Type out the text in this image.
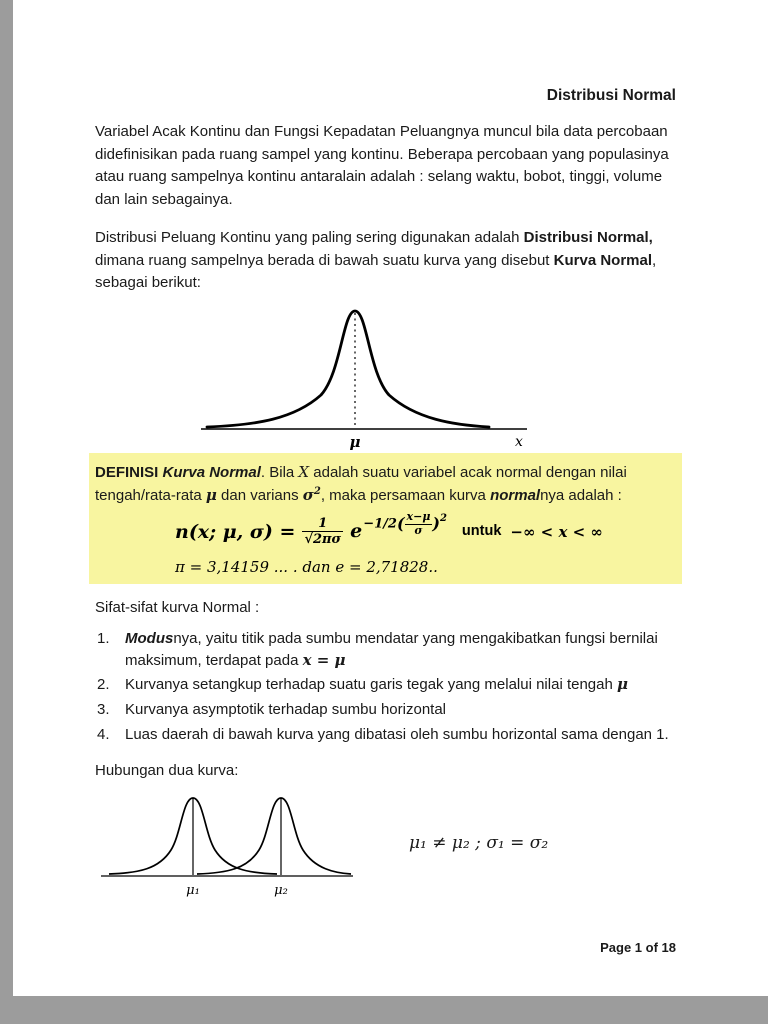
Distribusi Normal

Variabel Acak Kontinu dan Fungsi Kepadatan Peluangnya muncul bila data percobaan didefinisikan pada ruang sampel yang kontinu. Beberapa percobaan yang populasinya atau ruang sampelnya kontinu antaralain adalah : selang waktu, bobot, tinggi, volume dan lain sebagainya.

Distribusi Peluang Kontinu yang paling sering digunakan adalah Distribusi Normal, dimana ruang sampelnya berada di bawah suatu kurva yang disebut Kurva Normal, sebagai berikut:

μ	x
DEFINISI Kurva Normal. Bila X adalah suatu variabel acak normal dengan nilai tengah/rata-rata μ dan varians $\sigma^2$, maka persamaan kurva normalnya adalah :
n(x; μ, $\sigma) = \frac{1}{√2\pi\sigma} e-1/2( \frac{x-\mu}{\sigma} )^2$
untuk −∞ < x < ∞
π = 3,14159 ... . dan e = 2,71828..
Sifat-sifat kurva Normal :
1.	Modusnya, yaitu titik pada sumbu mendatar yang mengakibatkan fungsi bernilai maksimum, terdapat pada x = μ
2.	Kurvanya setangkup terhadap suatu garis tegak yang melalui nilai tengah μ
3.	Kurvanya asymptotik terhadap sumbu horizontal
4.	Luas daerah di bawah kurva yang dibatasi oleh sumbu horizontal sama dengan 1.
Hubungan dua kurva:
μ₁	μ₂
μ₁ ≠ μ₂ ; σ₁ = σ₂
Page 1 of 18
